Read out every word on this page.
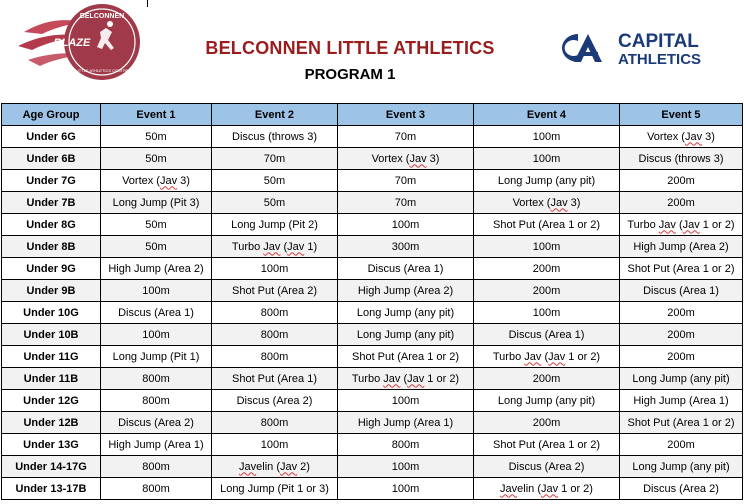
BELCONNEN
BLAZE
LITTLE ATHLETICS CENTRE
BELCONNEN LITTLE ATHLETICS
PROGRAM 1
CAPITAL
ATHLETICS
Age Group	Event 1	Event 2	Event 3	Event 4	Event 5
Under 6G	50m	Discus (throws 3)	70m	100m	Vortex (Jav 3)
Under 6B	50m	70m	Vortex (Jav 3)	100m	Discus (throws 3)
Under 7G	Vortex (Jav 3)	50m	70m	Long Jump (any pit)	200m
Under 7B	Long Jump (Pit 3)	50m	70m	Vortex (Jav 3)	200m
Under 8G	50m	Long Jump (Pit 2)	100m	Shot Put (Area 1 or 2)	Turbo Jav (Jav 1 or 2)
Under 8B	50m	Turbo Jav (Jav 1)	300m	100m	High Jump (Area 2)
Under 9G	High Jump (Area 2)	100m	Discus (Area 1)	200m	Shot Put (Area 1 or 2)
Under 9B	100m	Shot Put (Area 2)	High Jump (Area 2)	200m	Discus (Area 1)
Under 10G	Discus (Area 1)	800m	Long Jump (any pit)	100m	200m
Under 10B	100m	800m	Long Jump (any pit)	Discus (Area 1)	200m
Under 11G	Long Jump (Pit 1)	800m	Shot Put (Area 1 or 2)	Turbo Jav (Jav 1 or 2)	200m
Under 11B	800m	Shot Put (Area 1)	Turbo Jav (Jav 1 or 2)	200m	Long Jump (any pit)
Under 12G	800m	Discus (Area 2)	100m	Long Jump (any pit)	High Jump (Area 1)
Under 12B	Discus (Area 2)	800m	High Jump (Area 1)	200m	Shot Put (Area 1 or 2)
Under 13G	High Jump (Area 1)	100m	800m	Shot Put (Area 1 or 2)	200m
Under 14-17G	800m	Javelin (Jav 2)	100m	Discus (Area 2)	Long Jump (any pit)
Under 13-17B	800m	Long Jump (Pit 1 or 3)	100m	Javelin (Jav 1 or 2)	Discus (Area 2)
